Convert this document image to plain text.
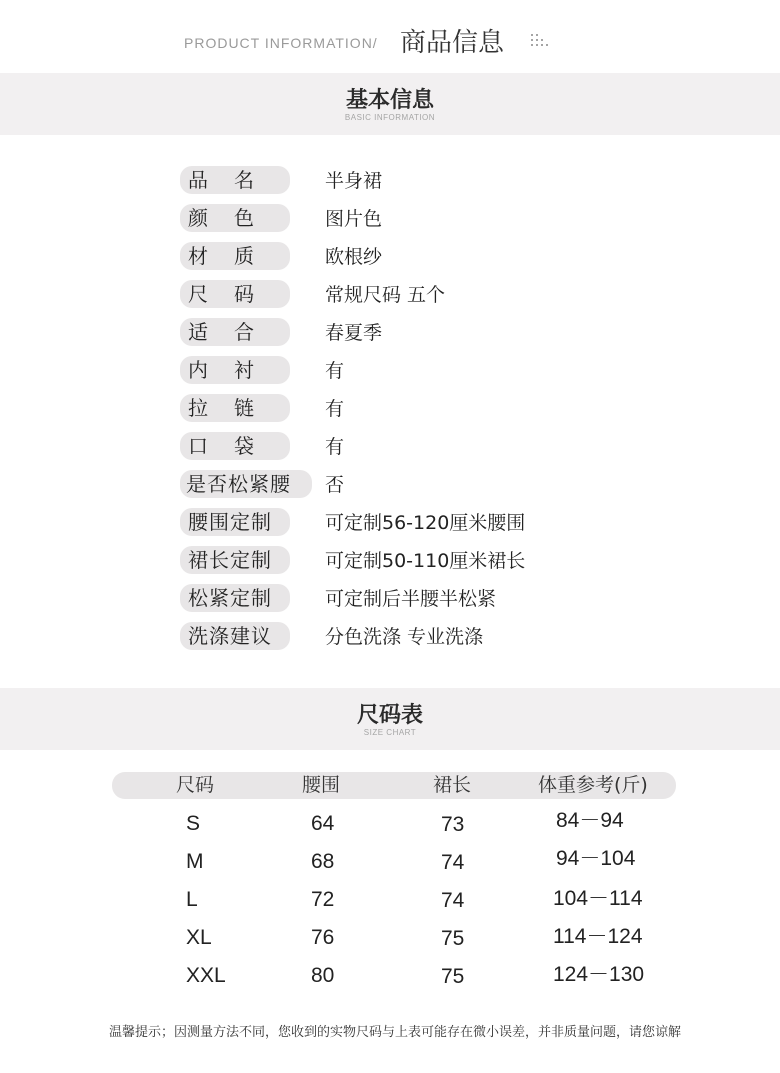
PRODUCT INFORMATION/ 商品信息
基本信息
BASIC INFORMATION
品名	半身裙
颜色	图片色
材质	欧根纱
尺码	常规尺码 五个
适合	春夏季
内衬	有
拉链	有
口袋	有
是否松紧腰	否
腰围定制	可定制56-120厘米腰围
裙长定制	可定制50-110厘米裙长
松紧定制	可定制后半腰半松紧
洗涤建议	分色洗涤 专业洗涤
尺码表
SIZE CHART
尺码	腰围	裙长	体重参考(斤)
S	64	73	84－94
M	68	74	94－104
L	72	74	104－114
XL	76	75	114－124
XXL	80	75	124－130
温馨提示；因测量方法不同，您收到的实物尺码与上表可能存在微小误差，并非质量问题，请您谅解
